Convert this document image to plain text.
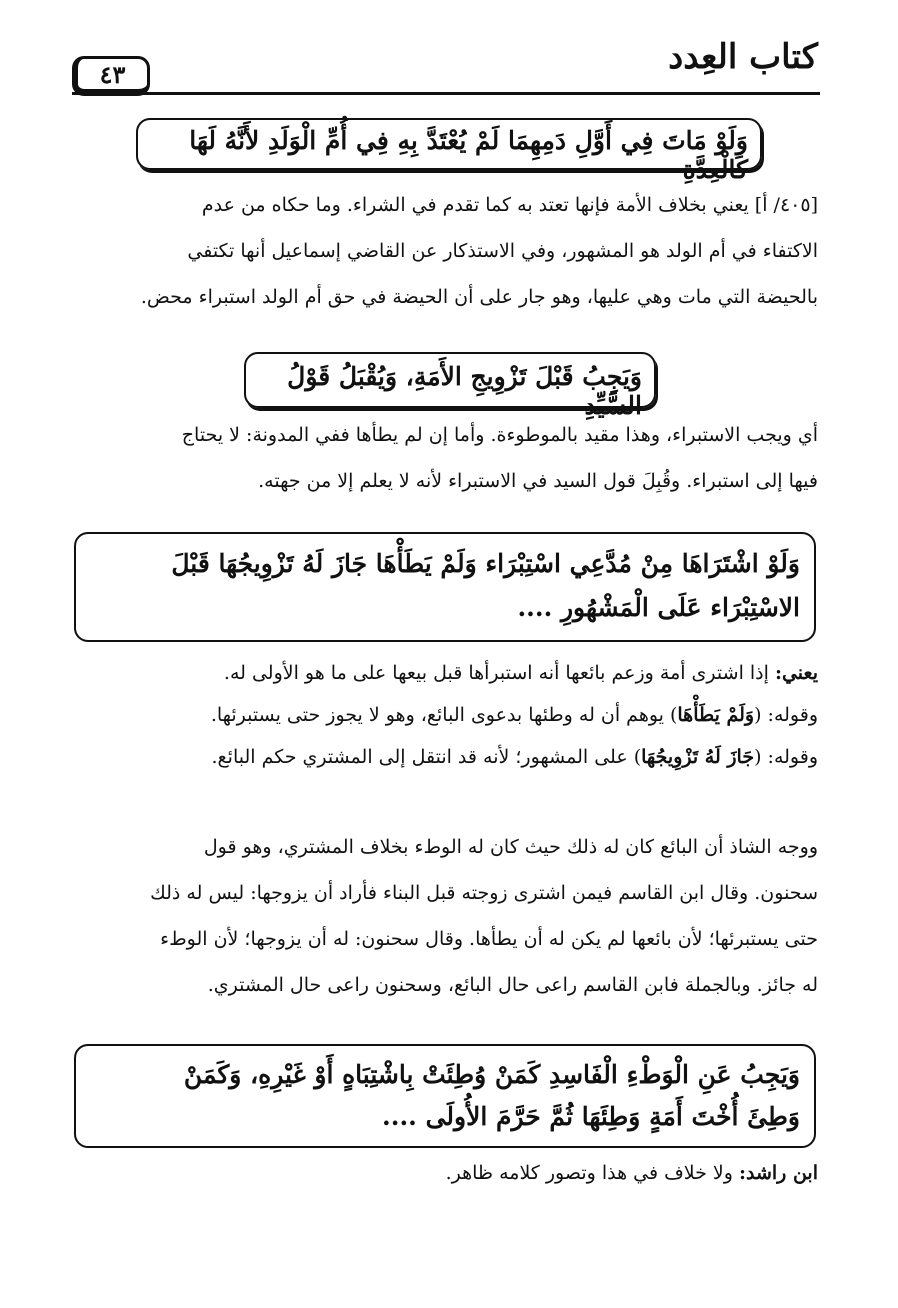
كتاب العِدد
٤٣

وَلَوْ مَاتَ فِي أَوَّلِ دَمِهِمَا لَمْ يُعْتَدَّ بِهِ فِي أُمِّ الْوَلَدِ لأَنَّهُ لَهَا كَالْعِدَّةِ

[٤٠٥/ أ] يعني بخلاف الأمة فإنها تعتد به كما تقدم في الشراء. وما حكاه من عدم

الاكتفاء في أم الولد هو المشهور، وفي الاستذكار عن القاضي إسماعيل أنها تكتفي

بالحيضة التي مات وهي عليها، وهو جار على أن الحيضة في حق أم الولد استبراء محض.

وَيَجِبُ قَبْلَ تَزْوِيجِ الأَمَةِ، وَيُقْبَلُ قَوْلُ السَّيِّدِ

أي ويجب الاستبراء، وهذا مقيد بالموطوءة. وأما إن لم يطأها ففي المدونة: لا يحتاج

فيها إلى استبراء. وقُبِلَ قول السيد في الاستبراء لأنه لا يعلم إلا من جهته.

وَلَوْ اشْتَرَاهَا مِنْ مُدَّعِي اسْتِبْرَاء وَلَمْ يَطَأْهَا جَازَ لَهُ تَزْوِيجُهَا قَبْلَ

الاسْتِبْرَاء عَلَى الْمَشْهُورِ ....

يعني: إذا اشترى أمة وزعم بائعها أنه استبرأها قبل بيعها على ما هو الأولى له.

وقوله: (وَلَمْ يَطَأْهَا) يوهم أن له وطئها بدعوى البائع، وهو لا يجوز حتى يستبرئها.

وقوله: (جَازَ لَهُ تَزْوِيجُهَا) على المشهور؛ لأنه قد انتقل إلى المشتري حكم البائع.

ووجه الشاذ أن البائع كان له ذلك حيث كان له الوطء بخلاف المشتري، وهو قول

سحنون. وقال ابن القاسم فيمن اشترى زوجته قبل البناء فأراد أن يزوجها: ليس له ذلك

حتى يستبرئها؛ لأن بائعها لم يكن له أن يطأها. وقال سحنون: له أن يزوجها؛ لأن الوطء

له جائز. وبالجملة فابن القاسم راعى حال البائع، وسحنون راعى حال المشتري.

وَيَجِبُ عَنِ الْوَطْءِ الْفَاسِدِ كَمَنْ وُطِئَتْ بِاشْتِبَاهٍ أَوْ غَيْرِهِ، وَكَمَنْ

وَطِئَ أُخْتَ أَمَةٍ وَطِئَهَا ثُمَّ حَرَّمَ الأُولَى ....

ابن راشد: ولا خلاف في هذا وتصور كلامه ظاهر.
